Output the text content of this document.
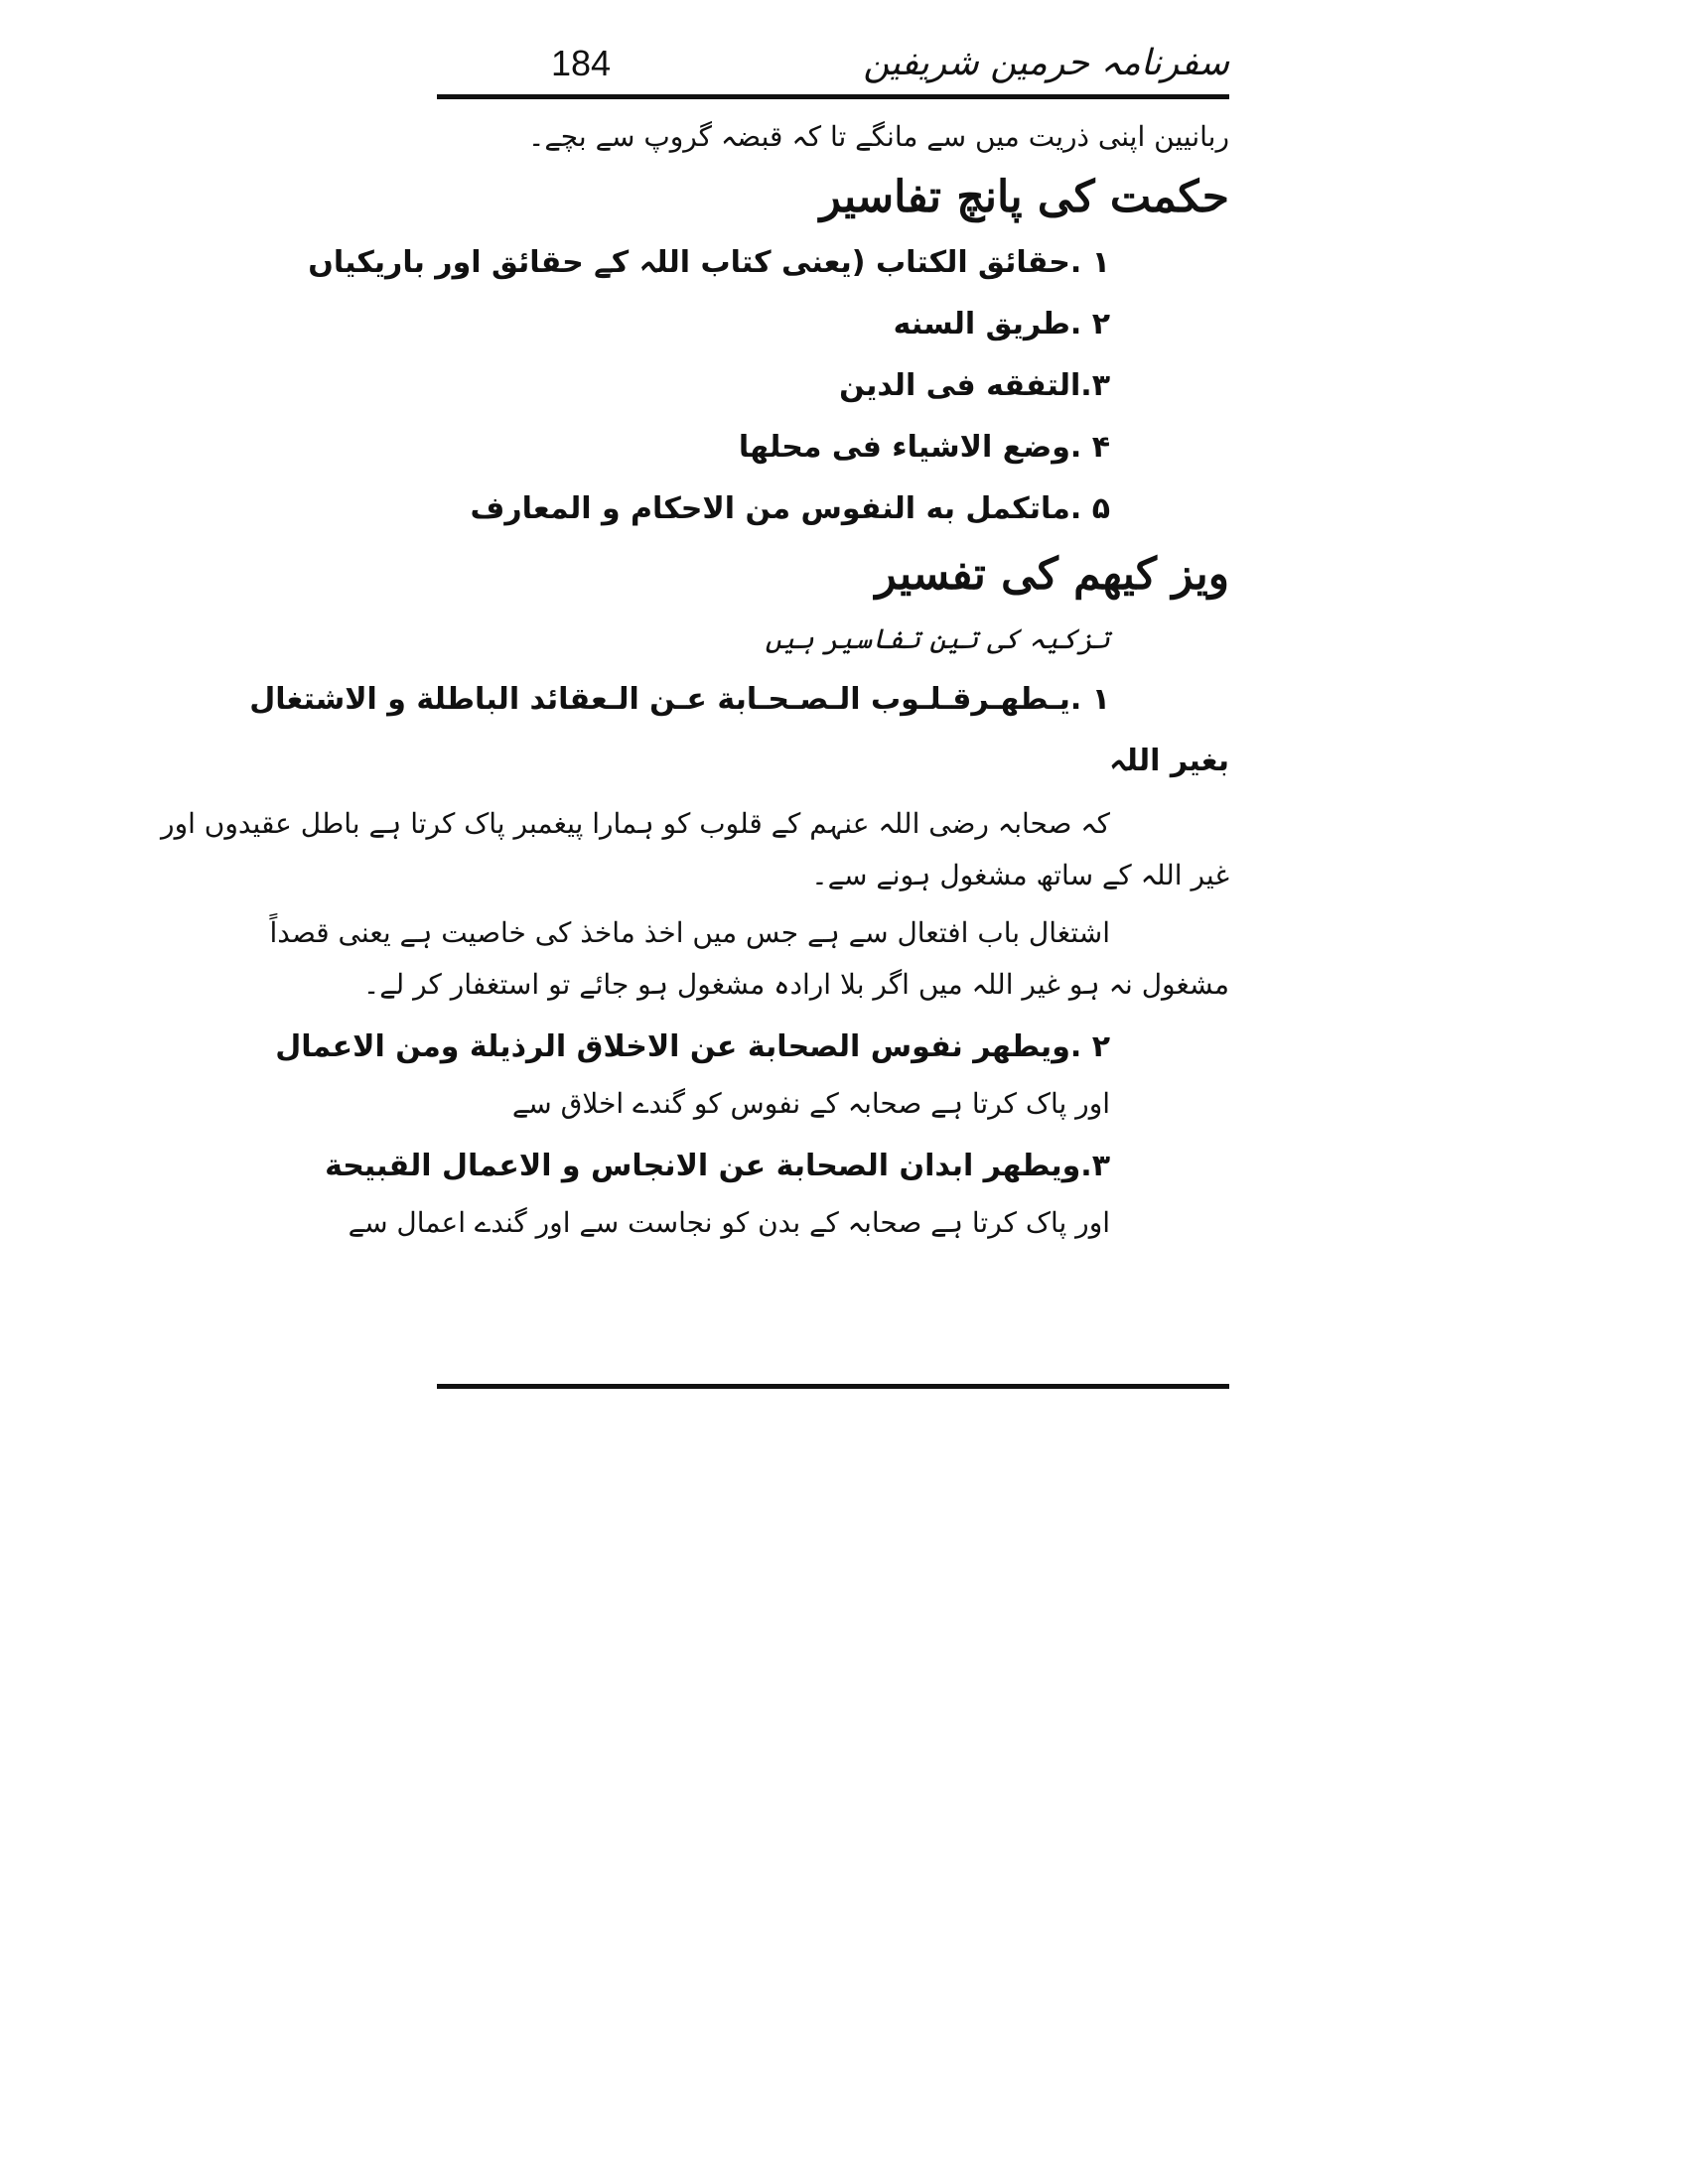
184	سفرنامہ حرمین شریفین
ربانیین اپنی ذریت میں سے مانگے تا کہ قبضہ گروپ سے بچے۔
حکمت کی پانچ تفاسیر
۱ .حقائق الکتاب (یعنی کتاب اللہ کے حقائق اور باریکیاں
۲ .طریق السنه
۳.التفقه فی الدین
۴ .وضع الاشیاء فی محلها
۵ .ماتکمل به النفوس من الاحکام و المعارف
ویز کیهم کی تفسیر
تزکیہ کی تین تفاسیر ہیں
۱ .یـطهـرقـلـوب الـصـحـابة عـن الـعقائد الباطلة و الاشتغال
بغیر اللہ
کہ صحابہ رضی اللہ عنہم کے قلوب کو ہمارا پیغمبر پاک کرتا ہے باطل عقیدوں اور
غیر اللہ کے ساتھ مشغول ہونے سے۔
اشتغال باب افتعال سے ہے جس میں اخذ ماخذ کی خاصیت ہے یعنی قصداً
مشغول نہ ہو غیر اللہ میں اگر بلا ارادہ مشغول ہو جائے تو استغفار کر لے۔
۲ .ویطهر نفوس الصحابة عن الاخلاق الرذیلة ومن الاعمال
اور پاک کرتا ہے صحابہ کے نفوس کو گندے اخلاق سے
۳.ویطهر ابدان الصحابة عن الانجاس و الاعمال القبیحة
اور پاک کرتا ہے صحابہ کے بدن کو نجاست سے اور گندے اعمال سے
